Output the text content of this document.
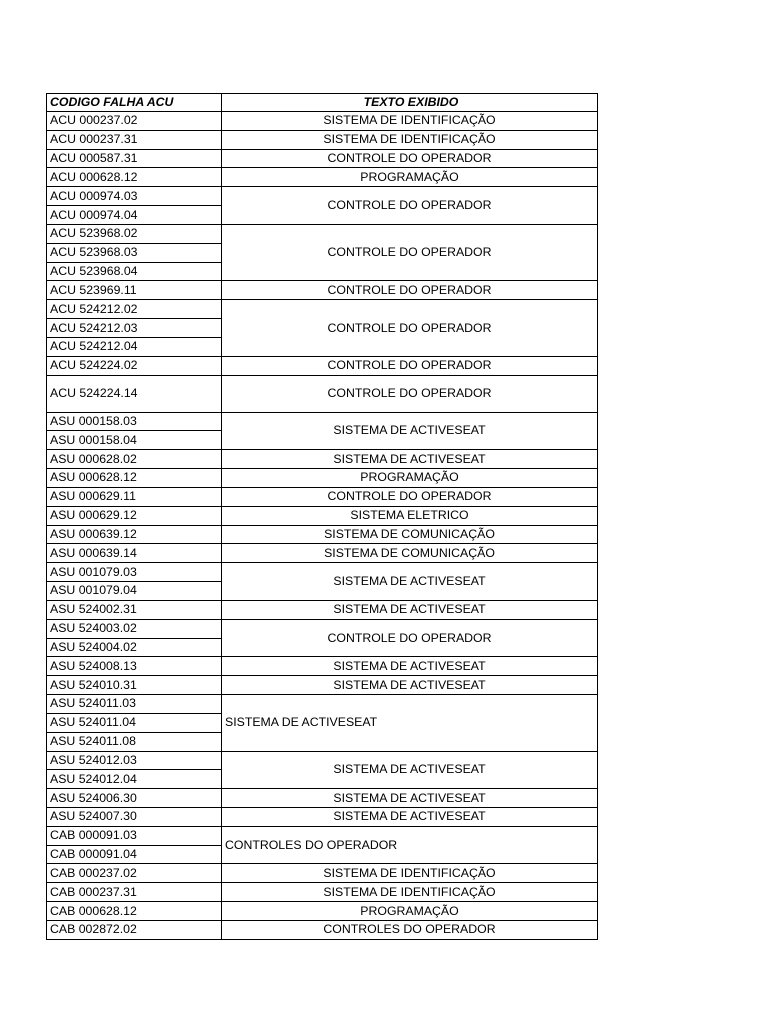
CODIGO FALHA ACU	TEXTO EXIBIDO
ACU 000237.02	SISTEMA DE IDENTIFICAÇÃO
ACU 000237.31	SISTEMA DE IDENTIFICAÇÃO
ACU 000587.31	CONTROLE DO OPERADOR
ACU 000628.12	PROGRAMAÇÃO
ACU 000974.03	CONTROLE DO OPERADOR
ACU 000974.04	
ACU 523968.02	CONTROLE DO OPERADOR
ACU 523968.03	
ACU 523968.04	
ACU 523969.11	CONTROLE DO OPERADOR
ACU 524212.02	CONTROLE DO OPERADOR
ACU 524212.03	
ACU 524212.04	
ACU 524224.02	CONTROLE DO OPERADOR
ACU 524224.14	CONTROLE DO OPERADOR
ASU 000158.03	SISTEMA DE ACTIVESEAT
ASU 000158.04	
ASU 000628.02	SISTEMA DE ACTIVESEAT
ASU 000628.12	PROGRAMAÇÃO
ASU 000629.11	CONTROLE DO OPERADOR
ASU 000629.12	SISTEMA ELETRICO
ASU 000639.12	SISTEMA DE COMUNICAÇÃO
ASU 000639.14	SISTEMA DE COMUNICAÇÃO
ASU 001079.03	SISTEMA DE ACTIVESEAT
ASU 001079.04	
ASU 524002.31	SISTEMA DE ACTIVESEAT
ASU 524003.02	CONTROLE DO OPERADOR
ASU 524004.02	
ASU 524008.13	SISTEMA DE ACTIVESEAT
ASU 524010.31	SISTEMA DE ACTIVESEAT
ASU 524011.03	SISTEMA DE ACTIVESEAT
ASU 524011.04	
ASU 524011.08	
ASU 524012.03	SISTEMA DE ACTIVESEAT
ASU 524012.04	
ASU 524006.30	SISTEMA DE ACTIVESEAT
ASU 524007.30	SISTEMA DE ACTIVESEAT
CAB 000091.03	CONTROLES DO OPERADOR
CAB 000091.04	
CAB 000237.02	SISTEMA DE IDENTIFICAÇÃO
CAB 000237.31	SISTEMA DE IDENTIFICAÇÃO
CAB 000628.12	PROGRAMAÇÃO
CAB 002872.02	CONTROLES DO OPERADOR
